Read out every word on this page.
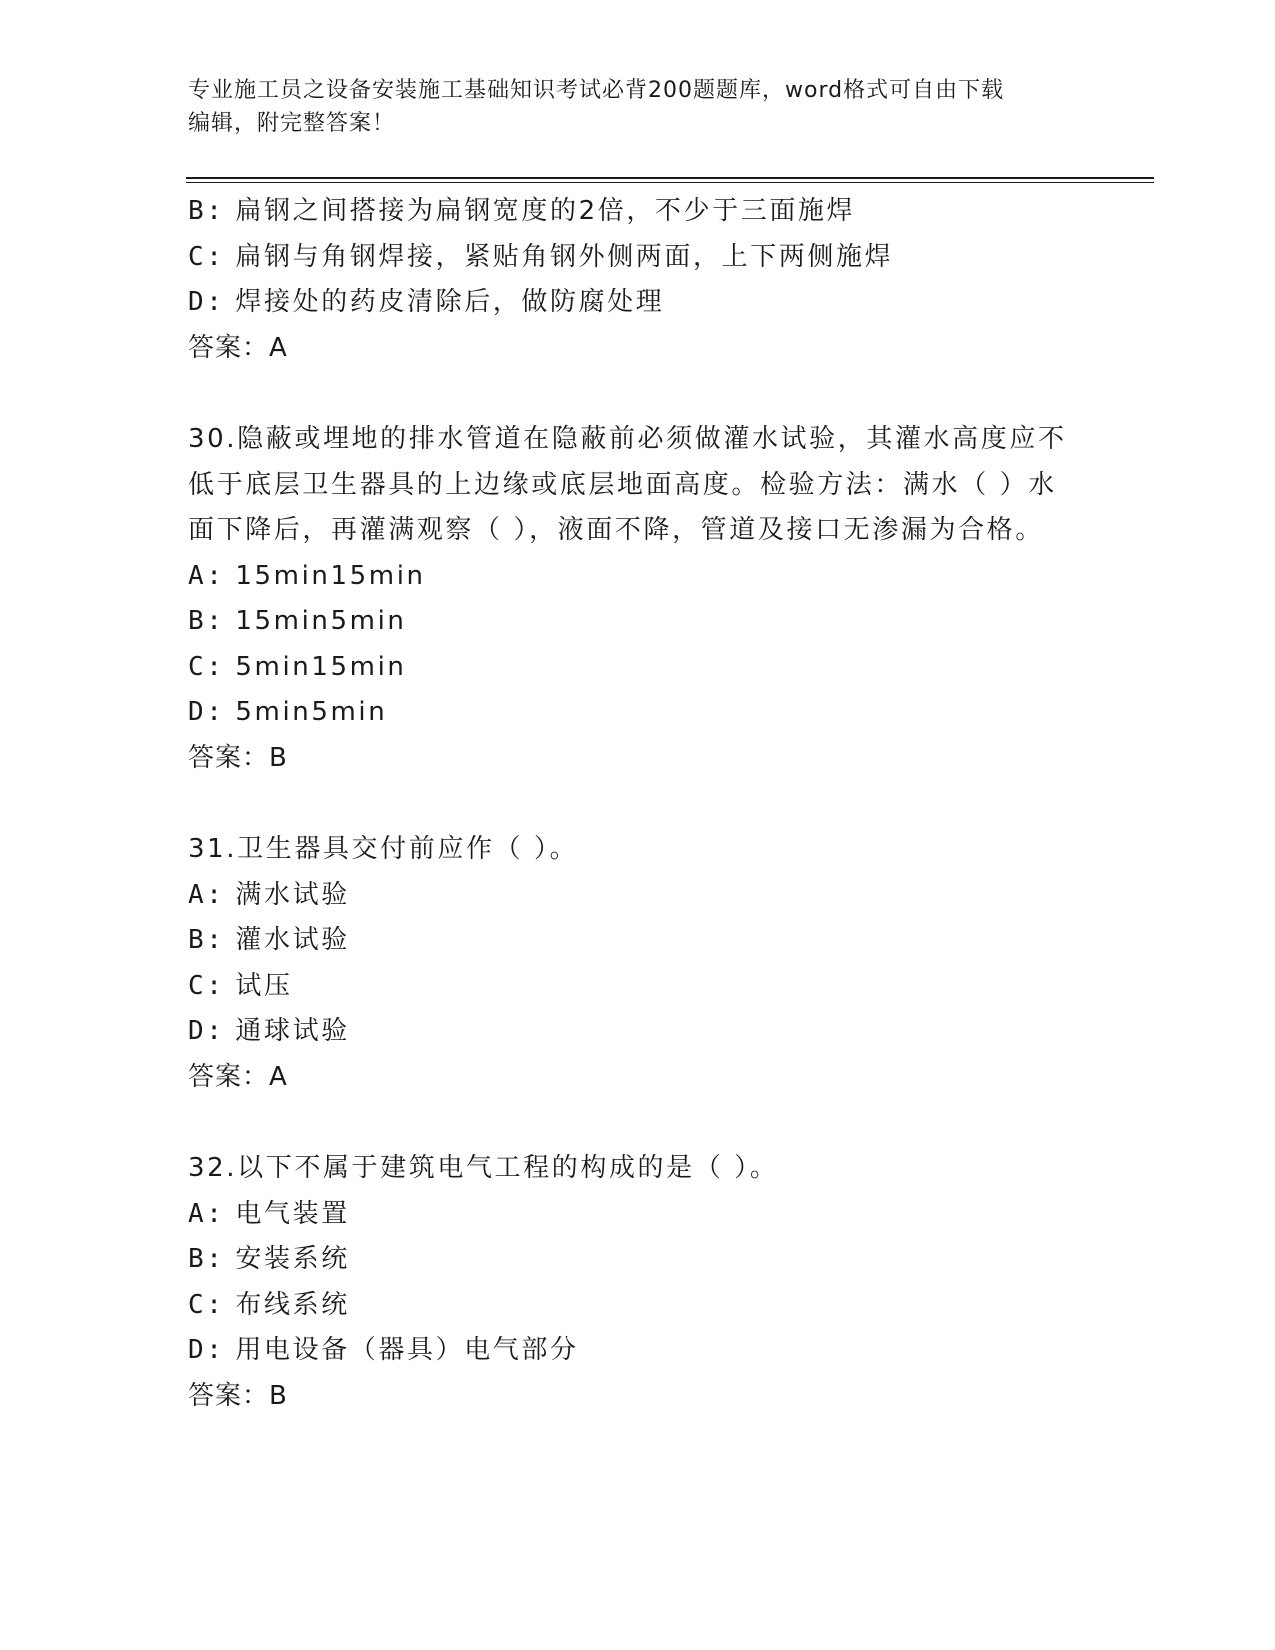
专业施工员之设备安装施工基础知识考试必背200题题库，word格式可自由下载
编辑，附完整答案！
B: 扁钢之间搭接为扁钢宽度的2倍，不少于三面施焊
C: 扁钢与角钢焊接，紧贴角钢外侧两面，上下两侧施焊
D: 焊接处的药皮清除后，做防腐处理
答案：A
30.隐蔽或埋地的排水管道在隐蔽前必须做灌水试验，其灌水高度应不
低于底层卫生器具的上边缘或底层地面高度。检验方法：满水（ ）水
面下降后，再灌满观察（ ），液面不降，管道及接口无渗漏为合格。
A: 15min15min
B: 15min5min
C: 5min15min
D: 5min5min
答案：B
31.卫生器具交付前应作（ ）。
A: 满水试验
B: 灌水试验
C: 试压
D: 通球试验
答案：A
32.以下不属于建筑电气工程的构成的是（ ）。
A: 电气装置
B: 安装系统
C: 布线系统
D: 用电设备（器具）电气部分
答案：B
